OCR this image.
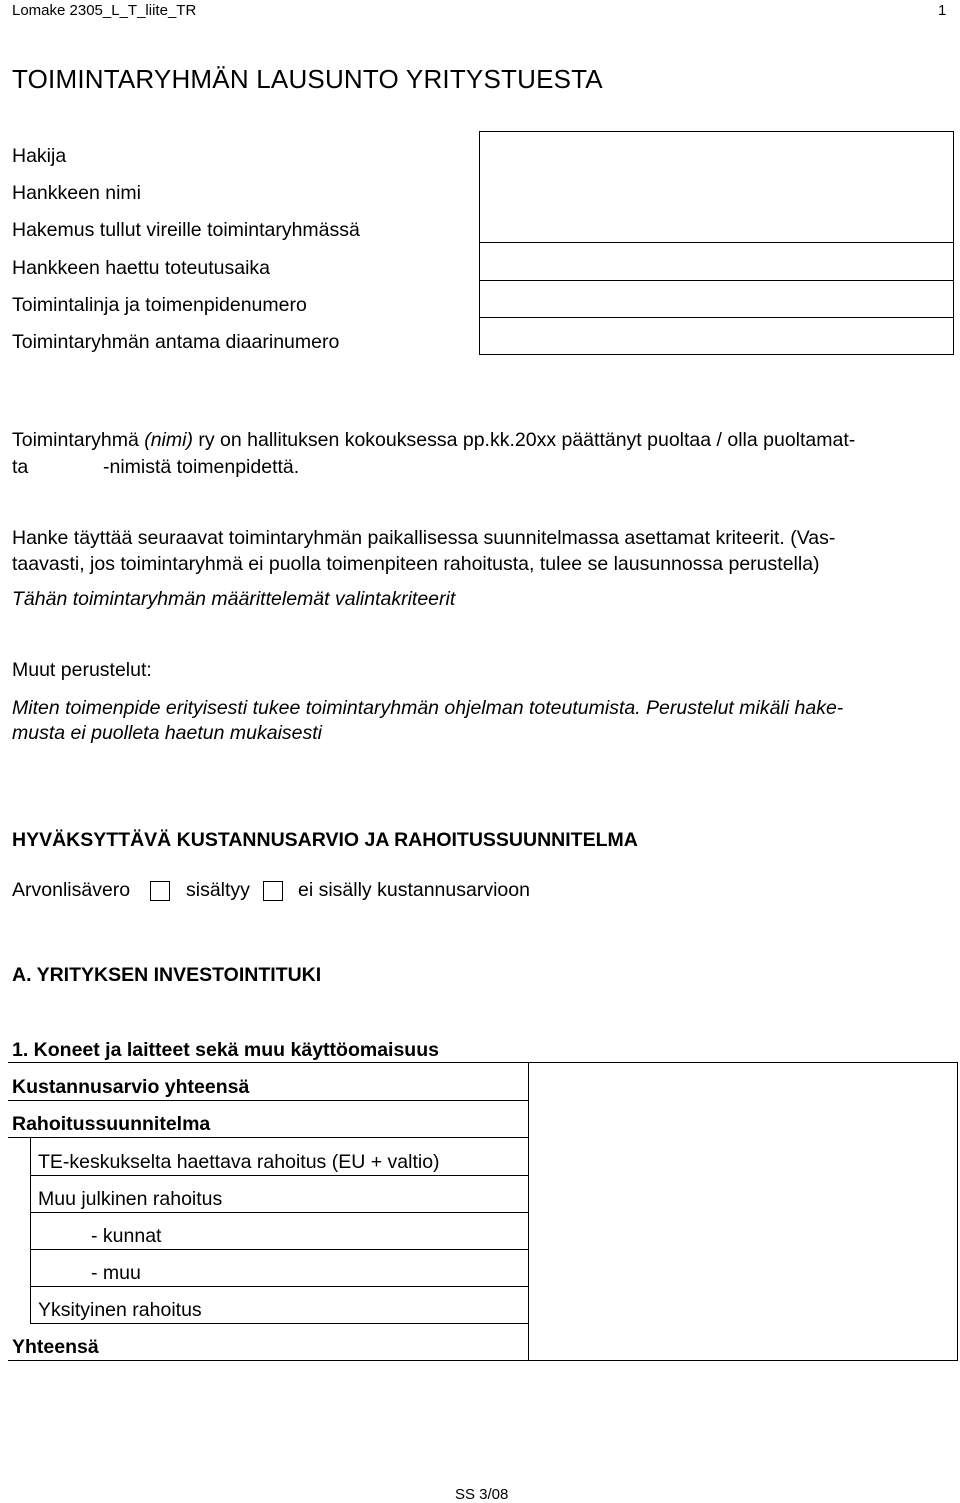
Lomake 2305_L_T_liite_TR	1
TOIMINTARYHMÄN LAUSUNTO YRITYSTUESTA
Hakija
Hankkeen nimi
Hakemus tullut vireille toimintaryhmässä
Hankkeen haettu toteutusaika
Toimintalinja ja toimenpidenumero
Toimintaryhmän antama diaarinumero
Toimintaryhmä (nimi) ry on hallituksen kokouksessa pp.kk.20xx päättänyt puoltaa / olla puoltamat-
ta	-nimistä toimenpidettä.
Hanke täyttää seuraavat toimintaryhmän paikallisessa suunnitelmassa asettamat kriteerit. (Vas-
taavasti, jos toimintaryhmä ei puolla toimenpiteen rahoitusta, tulee se lausunnossa perustella)
Tähän toimintaryhmän määrittelemät valintakriteerit
Muut perustelut:
Miten toimenpide erityisesti tukee toimintaryhmän ohjelman toteutumista. Perustelut mikäli hake-
musta ei puolleta haetun mukaisesti
HYVÄKSYTTÄVÄ KUSTANNUSARVIO JA RAHOITUSSUUNNITELMA
Arvonlisävero	sisältyy ei sisälly kustannusarvioon
A. YRITYKSEN INVESTOINTITUKI
1. Koneet ja laitteet sekä muu käyttöomaisuus
Kustannusarvio yhteensä
Rahoitussuunnitelma
TE-keskukselta haettava rahoitus (EU + valtio)
Muu julkinen rahoitus
- kunnat
- muu
Yksityinen rahoitus
Yhteensä
SS 3/08
